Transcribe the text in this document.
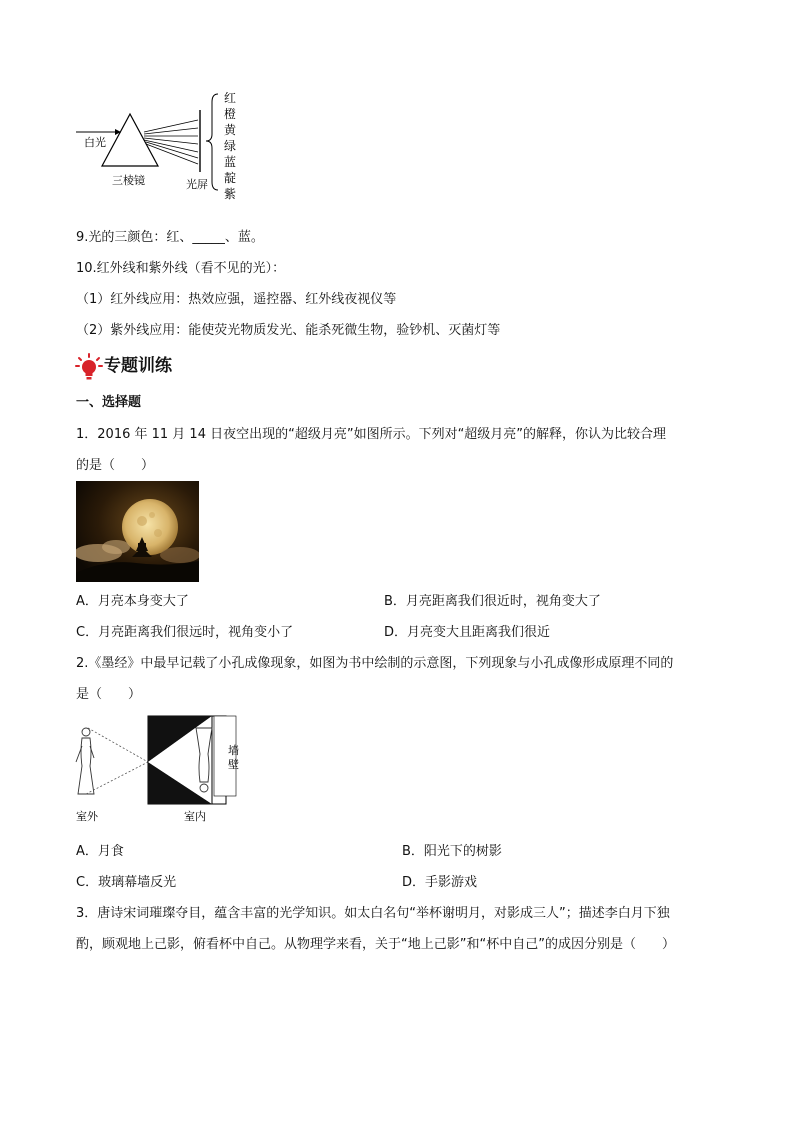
白光
三棱镜	光屏
红
橙
黄
绿
蓝
靛
紫
9.光的三颜色：红、_____、蓝。
10.红外线和紫外线（看不见的光）：
（1）红外线应用：热效应强，遥控器、红外线夜视仪等
（2）紫外线应用：能使荧光物质发光、能杀死微生物，验钞机、灭菌灯等
专题训练
一、选择题
1．2016 年 11 月 14 日夜空出现的“超级月亮”如图所示。下列对“超级月亮”的解释，你认为比较合理
的是（　　）
A．月亮本身变大了	B．月亮距离我们很近时，视角变大了
C．月亮距离我们很远时，视角变小了	D．月亮变大且距离我们很近
2.《墨经》中最早记载了小孔成像现象，如图为书中绘制的示意图，下列现象与小孔成像形成原理不同的
是（　　）
室外	室内
墙
壁
A．月食	B．阳光下的树影
C．玻璃幕墙反光	D．手影游戏
3．唐诗宋词璀璨夺目，蕴含丰富的光学知识。如太白名句“举杯谢明月，对影成三人”；描述李白月下独
酌，顾观地上己影，俯看杯中自己。从物理学来看，关于“地上己影”和“杯中自己”的成因分别是（　　）
